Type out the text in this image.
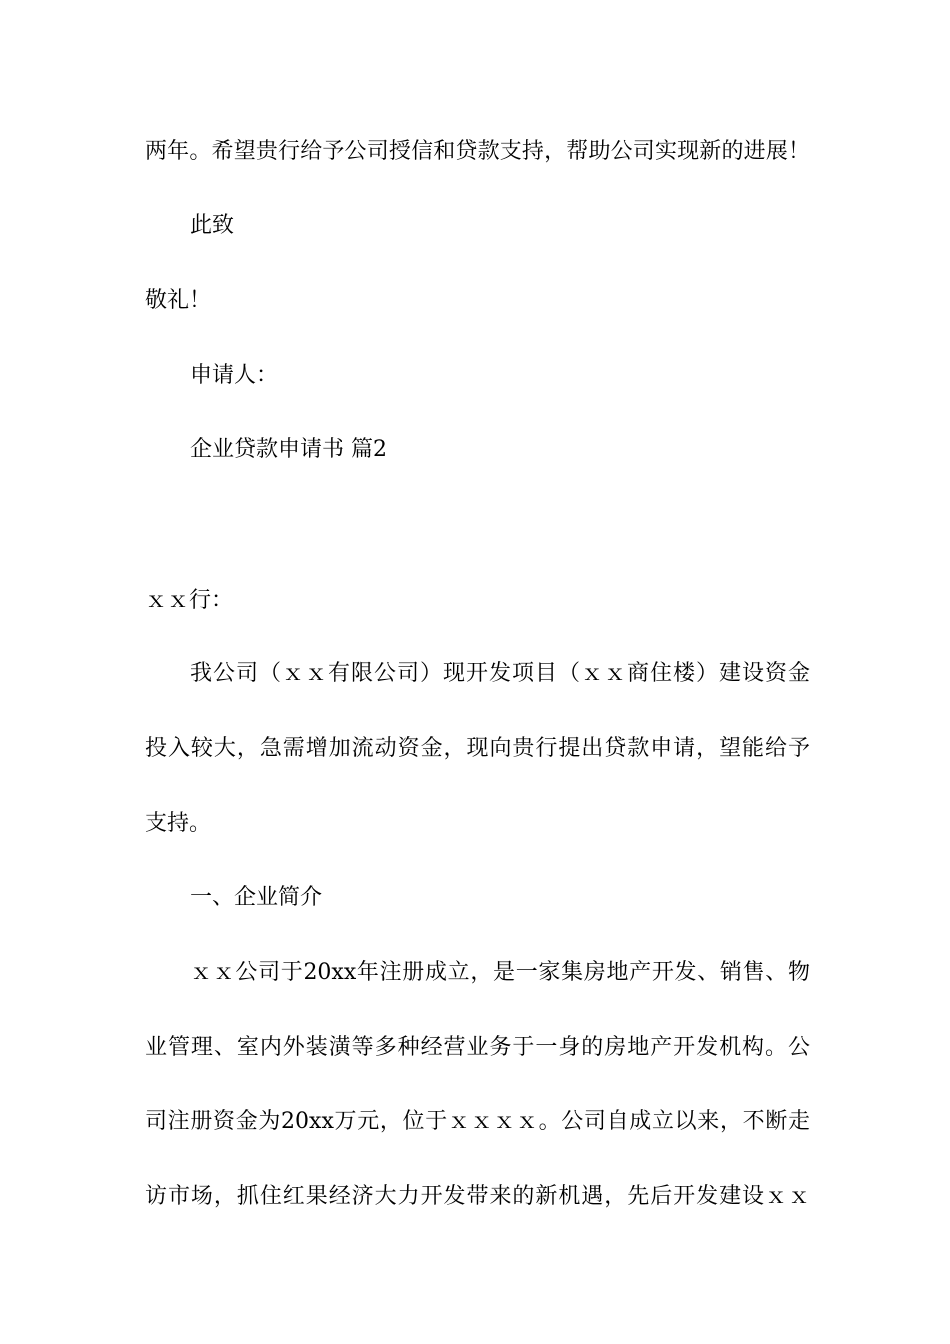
两年。希望贵行给予公司授信和贷款支持，帮助公司实现新的进展！
此致
敬礼！
申请人：
企业贷款申请书 篇2
ｘｘ行：
我公司（ｘｘ有限公司）现开发项目（ｘｘ商住楼）建设资金
投入较大，急需增加流动资金，现向贵行提出贷款申请，望能给予
支持。
一、企业简介
ｘｘ公司于20xx年注册成立，是一家集房地产开发、销售、物
业管理、室内外装潢等多种经营业务于一身的房地产开发机构。公
司注册资金为20xx万元，位于ｘｘｘｘ。公司自成立以来，不断走
访市场，抓住红果经济大力开发带来的新机遇，先后开发建设ｘｘ
